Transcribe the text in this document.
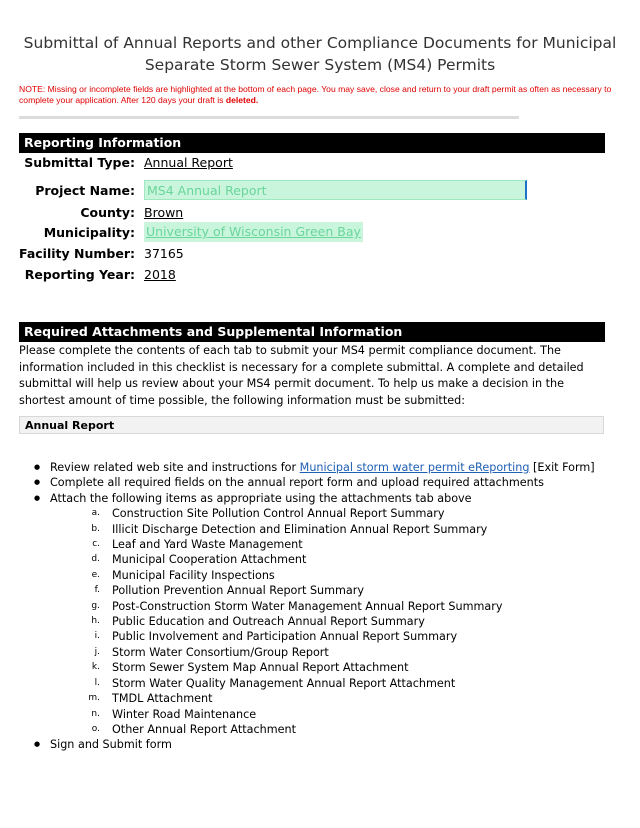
Submittal of Annual Reports and other Compliance Documents for Municipal
Separate Storm Sewer System (MS4) Permits
NOTE: Missing or incomplete fields are highlighted at the bottom of each page. You may save, close and return to your draft permit as often as necessary to complete your application. After 120 days your draft is deleted.
Reporting Information
Submittal Type: Annual Report
Project Name: MS4 Annual Report
County: Brown
Municipality: University of Wisconsin Green Bay
Facility Number: 37165
Reporting Year: 2018
Required Attachments and Supplemental Information
Please complete the contents of each tab to submit your MS4 permit compliance document. The information included in this checklist is necessary for a complete submittal. A complete and detailed submittal will help us review about your MS4 permit document. To help us make a decision in the shortest amount of time possible, the following information must be submitted:
Annual Report
● Review related web site and instructions for Municipal storm water permit eReporting [Exit Form]
● Complete all required fields on the annual report form and upload required attachments
● Attach the following items as appropriate using the attachments tab above
a. Construction Site Pollution Control Annual Report Summary
b. Illicit Discharge Detection and Elimination Annual Report Summary
c. Leaf and Yard Waste Management
d. Municipal Cooperation Attachment
e. Municipal Facility Inspections
f. Pollution Prevention Annual Report Summary
g. Post-Construction Storm Water Management Annual Report Summary
h. Public Education and Outreach Annual Report Summary
i. Public Involvement and Participation Annual Report Summary
j. Storm Water Consortium/Group Report
k. Storm Sewer System Map Annual Report Attachment
l. Storm Water Quality Management Annual Report Attachment
m. TMDL Attachment
n. Winter Road Maintenance
o. Other Annual Report Attachment
● Sign and Submit form
